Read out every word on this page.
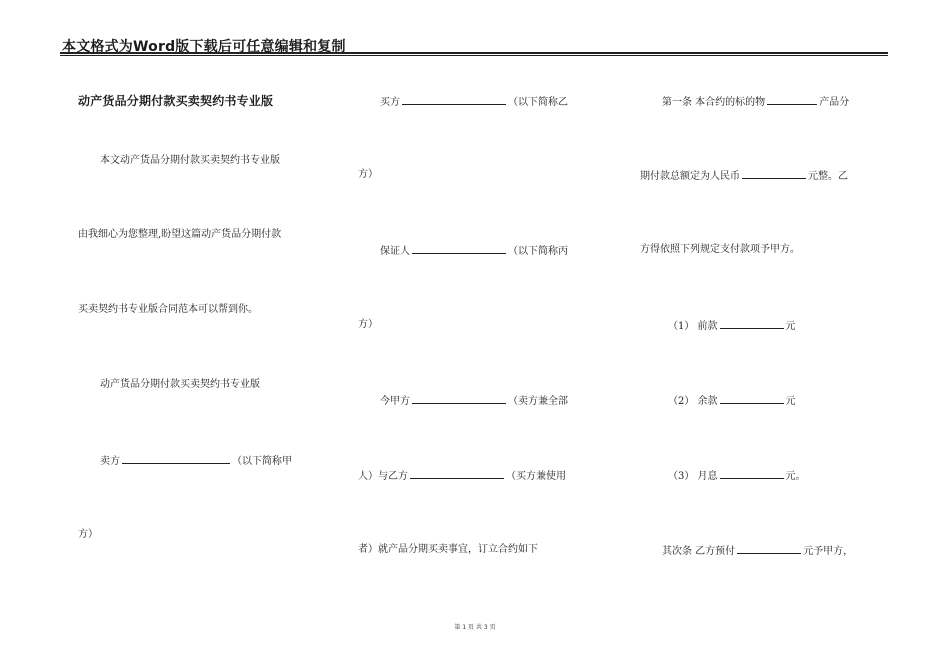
本文格式为Word版下载后可任意编辑和复制
动产货品分期付款买卖契约书专业版
本文动产货品分期付款买卖契约书专业版
由我细心为您整理,盼望这篇动产货品分期付款
买卖契约书专业版合同范本可以帮到你。
动产货品分期付款买卖契约书专业版
卖方	（以下简称甲
方）
买方	（以下简称乙
方）
保证人	（以下简称丙
方）
今甲方	（卖方兼全部
人）与乙方	（买方兼使用
者）就产品分期买卖事宜，订立合约如下
第一条 本合约的标的物	产品分
期付款总额定为人民币	元整。乙
方得依照下列规定支付款项予甲方。
（1） 前款	元
（2） 余款	元
（3） 月息	元。
其次条 乙方预付	元予甲方，
第 1 页 共 3 页
